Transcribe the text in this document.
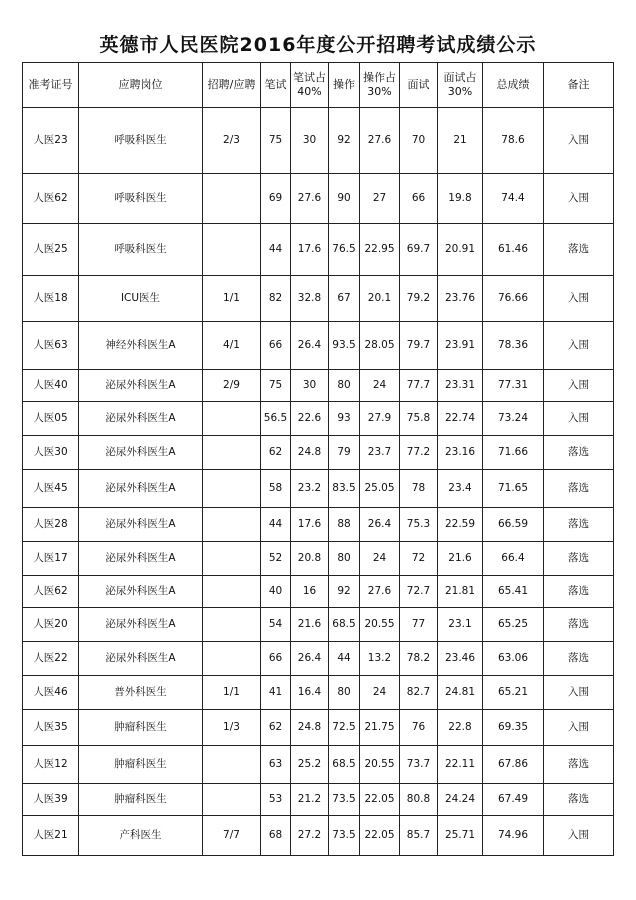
英德市人民医院2016年度公开招聘考试成绩公示
准考证号	应聘岗位	招聘/应聘	笔试	笔试占40%	操作	操作占30%	面试	面试占30%	总成绩	备注
人医23	呼吸科医生	2/3	75	30	92	27.6	70	21	78.6	入围
人医62	呼吸科医生		69	27.6	90	27	66	19.8	74.4	入围
人医25	呼吸科医生		44	17.6	76.5	22.95	69.7	20.91	61.46	落选
人医18	ICU医生	1/1	82	32.8	67	20.1	79.2	23.76	76.66	入围
人医63	神经外科医生A	4/1	66	26.4	93.5	28.05	79.7	23.91	78.36	入围
人医40	泌尿外科医生A	2/9	75	30	80	24	77.7	23.31	77.31	入围
人医05	泌尿外科医生A		56.5	22.6	93	27.9	75.8	22.74	73.24	入围
人医30	泌尿外科医生A		62	24.8	79	23.7	77.2	23.16	71.66	落选
人医45	泌尿外科医生A		58	23.2	83.5	25.05	78	23.4	71.65	落选
人医28	泌尿外科医生A		44	17.6	88	26.4	75.3	22.59	66.59	落选
人医17	泌尿外科医生A		52	20.8	80	24	72	21.6	66.4	落选
人医62	泌尿外科医生A		40	16	92	27.6	72.7	21.81	65.41	落选
人医20	泌尿外科医生A		54	21.6	68.5	20.55	77	23.1	65.25	落选
人医22	泌尿外科医生A		66	26.4	44	13.2	78.2	23.46	63.06	落选
人医46	普外科医生	1/1	41	16.4	80	24	82.7	24.81	65.21	入围
人医35	肿瘤科医生	1/3	62	24.8	72.5	21.75	76	22.8	69.35	入围
人医12	肿瘤科医生		63	25.2	68.5	20.55	73.7	22.11	67.86	落选
人医39	肿瘤科医生		53	21.2	73.5	22.05	80.8	24.24	67.49	落选
人医21	产科医生	7/7	68	27.2	73.5	22.05	85.7	25.71	74.96	入围
